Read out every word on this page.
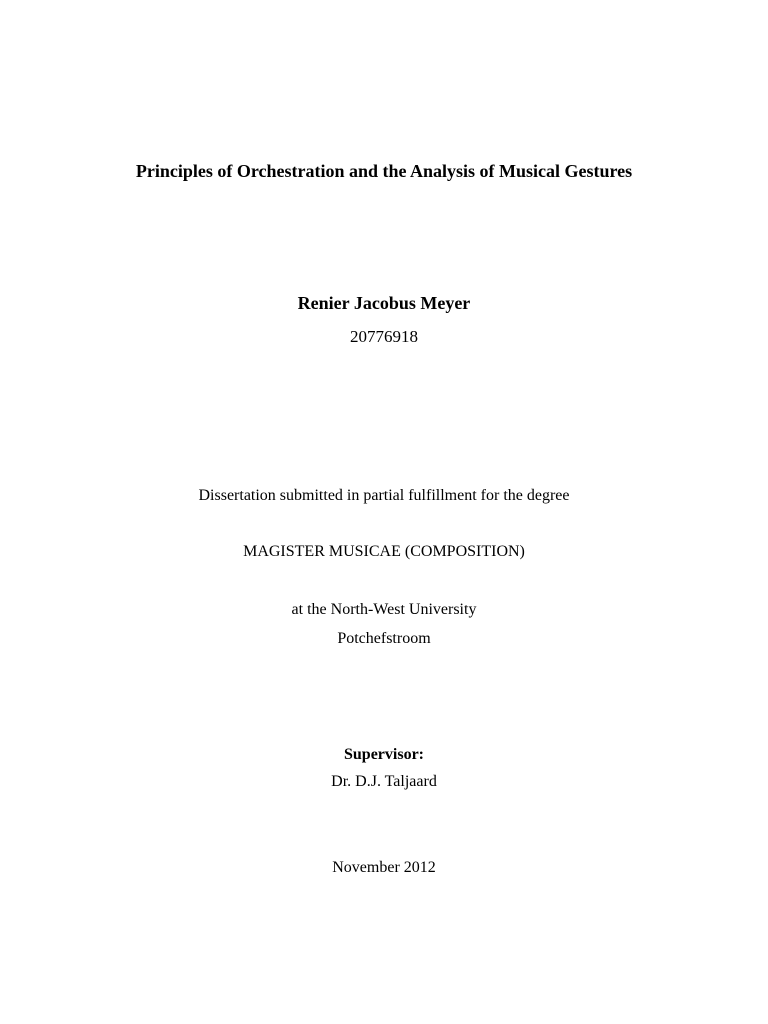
Principles of Orchestration and the Analysis of Musical Gestures
Renier Jacobus Meyer
20776918
Dissertation submitted in partial fulfillment for the degree
MAGISTER MUSICAE (COMPOSITION)
at the North-West University
Potchefstroom
Supervisor:
Dr. D.J. Taljaard
November 2012
